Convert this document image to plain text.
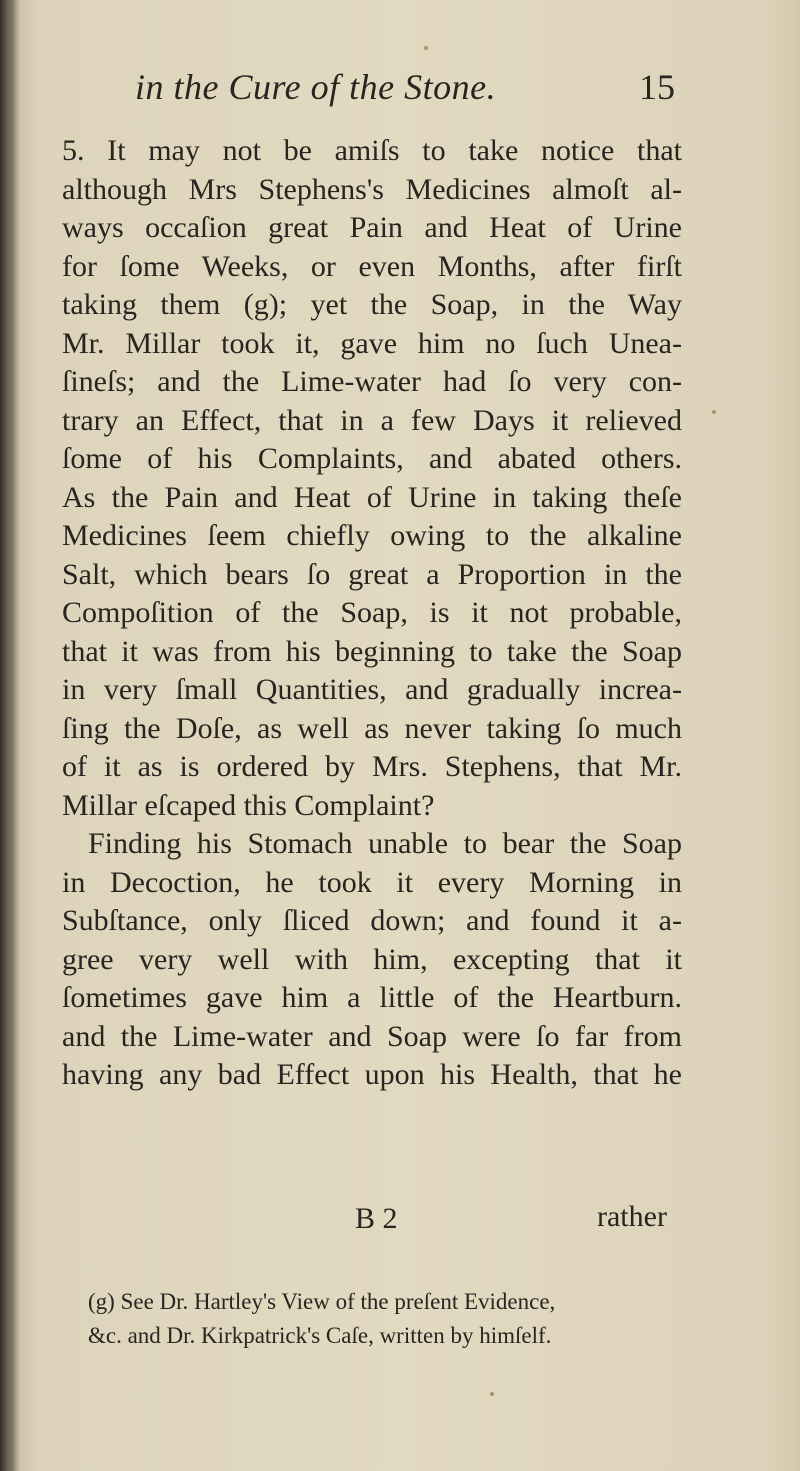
in the Cure of the Stone.	15
5. It may not be amiſs to take notice that
although Mrs Stephens's Medicines almoſt al-
ways occaſion great Pain and Heat of Urine
for ſome Weeks, or even Months, after firſt
taking them (g); yet the Soap, in the Way
Mr. Millar took it, gave him no ſuch Unea-
ſineſs; and the Lime-water had ſo very con-
trary an Effect, that in a few Days it relieved
ſome of his Complaints, and abated others.
As the Pain and Heat of Urine in taking theſe
Medicines ſeem chiefly owing to the alkaline
Salt, which bears ſo great a Proportion in the
Compoſition of the Soap, is it not probable,
that it was from his beginning to take the Soap
in very ſmall Quantities, and gradually increa-
ſing the Doſe, as well as never taking ſo much
of it as is ordered by Mrs. Stephens, that Mr.
Millar eſcaped this Complaint?
Finding his Stomach unable to bear the Soap
in Decoction, he took it every Morning in
Subſtance, only ſliced down; and found it a-
gree very well with him, excepting that it
ſometimes gave him a little of the Heartburn.
and the Lime-water and Soap were ſo far from
having any bad Effect upon his Health, that he
B 2	rather
(g) See Dr. Hartley's View of the preſent Evidence,
&c. and Dr. Kirkpatrick's Caſe, written by himſelf.
